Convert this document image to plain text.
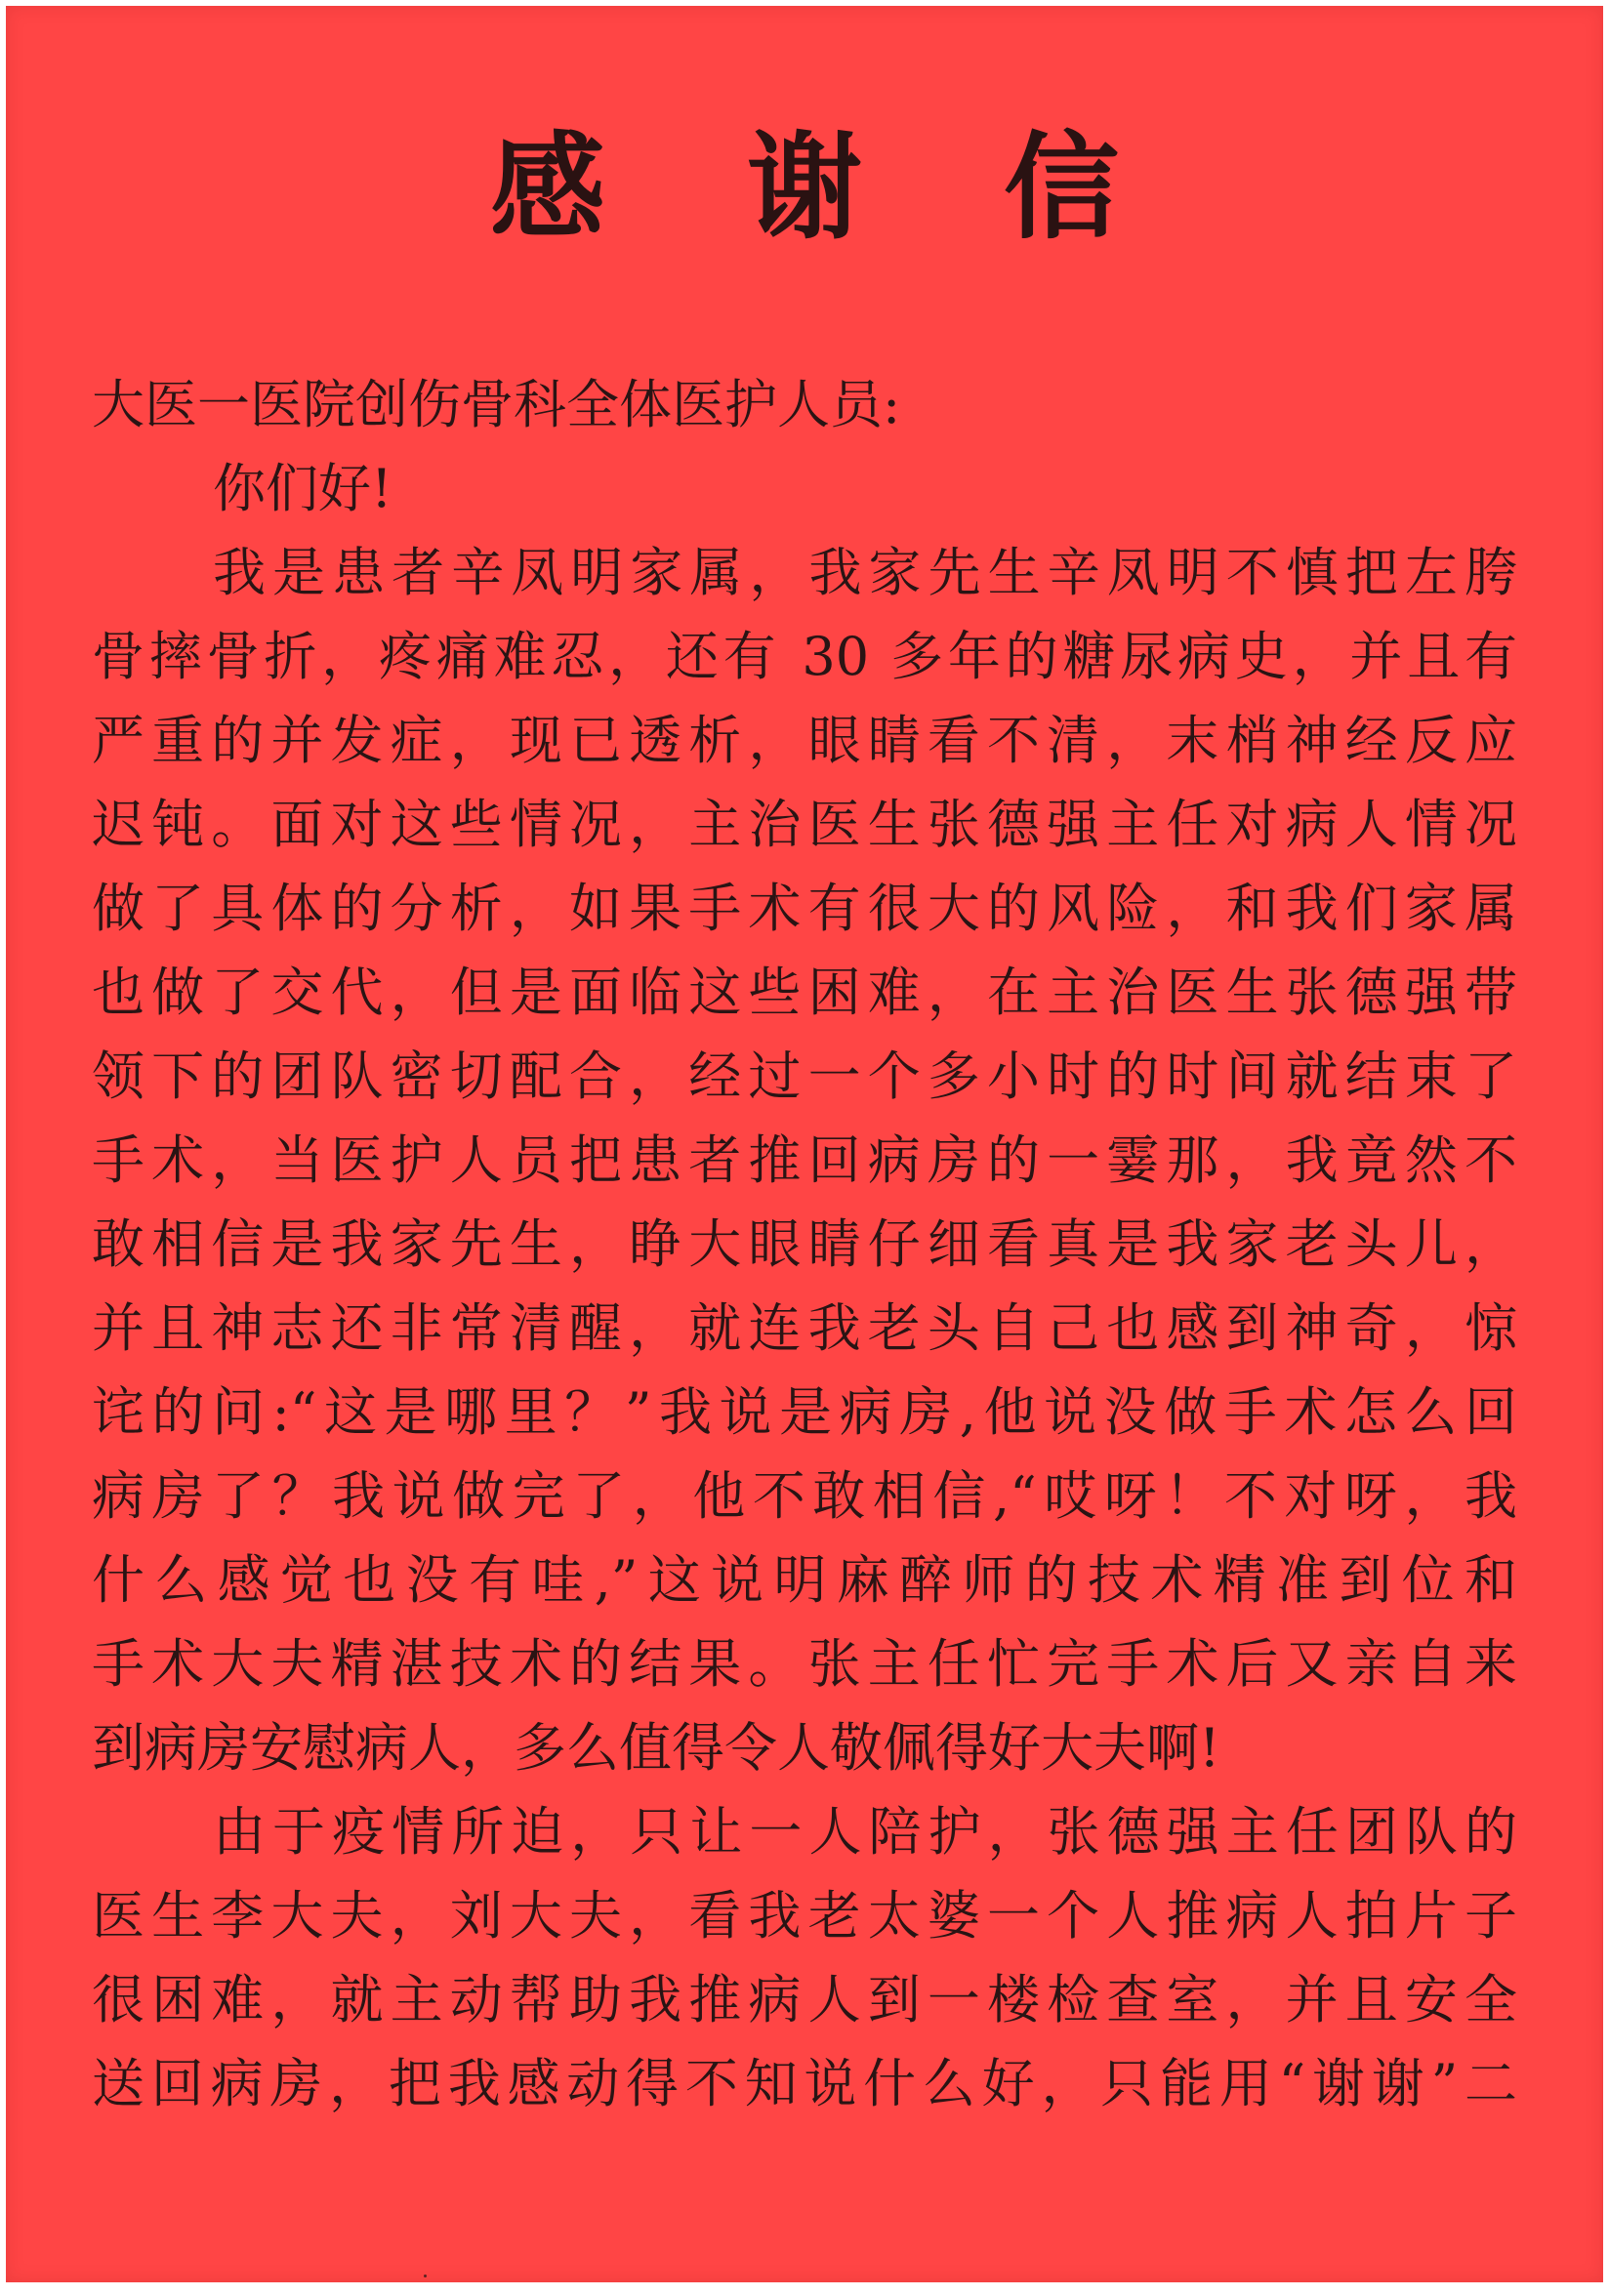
感 谢 信
大医一医院创伤骨科全体医护人员:
你们好!
我是患者辛凤明家属，我家先生辛凤明不慎把左胯
骨摔骨折，疼痛难忍，还有 30 多年的糖尿病史，并且有
严重的并发症，现已透析，眼睛看不清，末梢神经反应
迟钝。面对这些情况，主治医生张德强主任对病人情况
做了具体的分析，如果手术有很大的风险，和我们家属
也做了交代，但是面临这些困难，在主治医生张德强带
领下的团队密切配合，经过一个多小时的时间就结束了
手术，当医护人员把患者推回病房的一霎那，我竟然不
敢相信是我家先生，睁大眼睛仔细看真是我家老头儿，
并且神志还非常清醒，就连我老头自己也感到神奇，惊
诧的问:“这是哪里？”我说是病房,他说没做手术怎么回
病房了？我说做完了，他不敢相信,“哎呀！不对呀，我
什么感觉也没有哇,”这说明麻醉师的技术精准到位和
手术大夫精湛技术的结果。张主任忙完手术后又亲自来
到病房安慰病人，多么值得令人敬佩得好大夫啊!
由于疫情所迫，只让一人陪护，张德强主任团队的
医生李大夫，刘大夫，看我老太婆一个人推病人拍片子
很困难，就主动帮助我推病人到一楼检查室，并且安全
送回病房，把我感动得不知说什么好，只能用“谢谢”二
